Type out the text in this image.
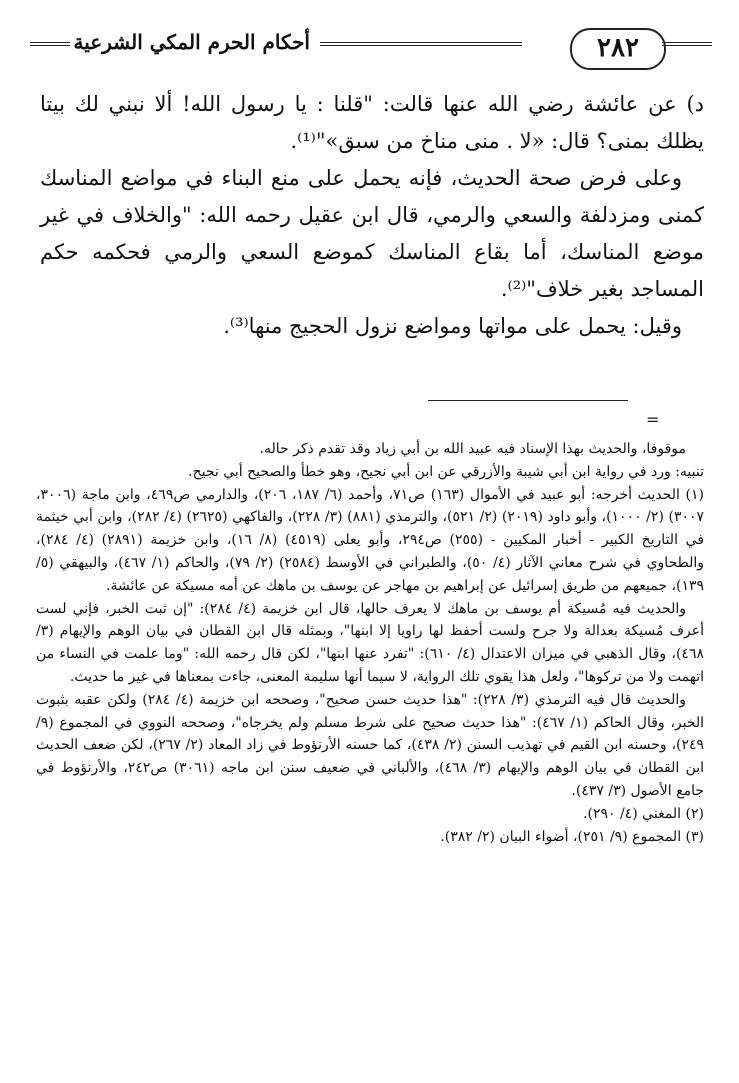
أحكام الحرم المكي الشرعية	٢٨٢

د) عن عائشة رضي الله عنها قالت: "قلنا : يا رسول الله! ألا نبني لك بيتا يظلك بمنى؟ قال: «لا . منى مناخ من سبق»"⁽¹⁾.

وعلى فرض صحة الحديث، فإنه يحمل على منع البناء في مواضع المناسك كمنى ومزدلفة والسعي والرمي، قال ابن عقيل رحمه الله: "والخلاف في غير موضع المناسك، أما بقاع المناسك كموضع السعي والرمي فحكمه حكم المساجد بغير خلاف"⁽²⁾.

وقيل: يحمل على مواتها ومواضع نزول الحجيج منها⁽³⁾.

=

موقوفا، والحديث بهذا الإسناد فيه عبيد الله بن أبي زياد وقد تقدم ذكر حاله.

تنبيه: ورد في رواية ابن أبي شيبة والأزرقي عن ابن أبي نجيح، وهو خطأ والصحيح أبي نجيح.

(١) الحديث أخرجه: أبو عبيد في الأموال (١٦٣) ص٧١، وأحمد (٦/ ١٨٧، ٢٠٦)، والدارمي ص٤٦٩، وابن ماجة (٣٠٠٦، ٣٠٠٧) (٢/ ١٠٠٠)، وأبو داود (٢٠١٩) (٢/ ٥٢١)، والترمذي (٨٨١) (٣/ ٢٢٨)، والفاكهي (٢٦٢٥) (٤/ ٢٨٢)، وابن أبي خيثمة في التاريخ الكبير - أخبار المكيين - (٢٥٥) ص٢٩٤، وأبو يعلى (٤٥١٩) (٨/ ١٦)، وابن خزيمة (٢٨٩١) (٤/ ٢٨٤)، والطحاوي في شرح معاني الآثار (٤/ ٥٠)، والطبراني في الأوسط (٢٥٨٤) (٢/ ٧٩)، والحاكم (١/ ٤٦٧)، والبيهقي (٥/ ١٣٩)، جميعهم من طريق إسرائيل عن إبراهيم بن مهاجر عن يوسف بن ماهك عن أمه مسيكة عن عائشة.

والحديث فيه مُسيكة أم يوسف بن ماهك لا يعرف حالها، قال ابن خزيمة (٤/ ٢٨٤): "إن ثبت الخبر، فإني لست أعرف مُسيكة بعدالة ولا جرح ولست أحفظ لها راويا إلا ابنها"، وبمثله قال ابن القطان في بيان الوهم والإيهام (٣/ ٤٦٨)، وقال الذهبي في ميزان الاعتدال (٤/ ٦١٠): "تفرد عنها ابنها"، لكن قال رحمه الله: "وما علمت في النساء من اتهمت ولا من تركوها"، ولعل هذا يقوي تلك الرواية، لا سيما أنها سليمة المعنى، جاءت بمعناها في غير ما حديث.

والحديث قال فيه الترمذي (٣/ ٢٢٨): "هذا حديث حسن صحيح"، وصححه ابن خزيمة (٤/ ٢٨٤) ولكن عقبه بثبوت الخبر، وقال الحاكم (١/ ٤٦٧): "هذا حديث صحيح على شرط مسلم ولم يخرجاه"، وصححه النووي في المجموع (٩/ ٢٤٩)، وحسنه ابن القيم في تهذيب السنن (٢/ ٤٣٨)، كما حسنه الأرنؤوط في زاد المعاد (٢/ ٢٦٧)، لكن ضعف الحديث ابن القطان في بيان الوهم والإيهام (٣/ ٤٦٨)، والألباني في ضعيف سنن ابن ماجه (٣٠٦١) ص٢٤٢، والأرنؤوط في جامع الأصول (٣/ ٤٣٧).

(٢) المغني (٤/ ٢٩٠).

(٣) المجموع (٩/ ٢٥١)، أضواء البيان (٢/ ٣٨٢).
